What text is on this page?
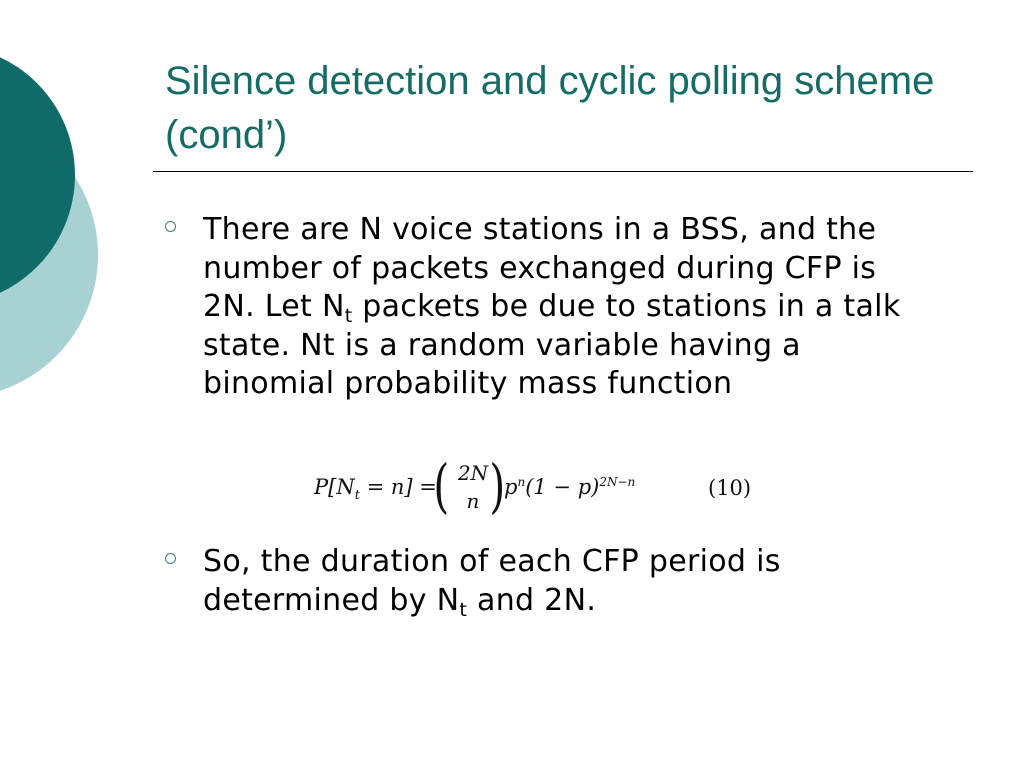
Silence detection and cyclic polling scheme (cond’)
There are N voice stations in a BSS, and the number of packets exchanged during CFP is 2N. Let $N_t$ packets be due to stations in a talk state. Nt is a random variable having a binomial probability mass function
$P[N_t = n]$ =
( 2N
n )
$p^n(1 - p)^{2N-n}$	(10)
So, the duration of each CFP period is determined by $N_t$ and 2N.
